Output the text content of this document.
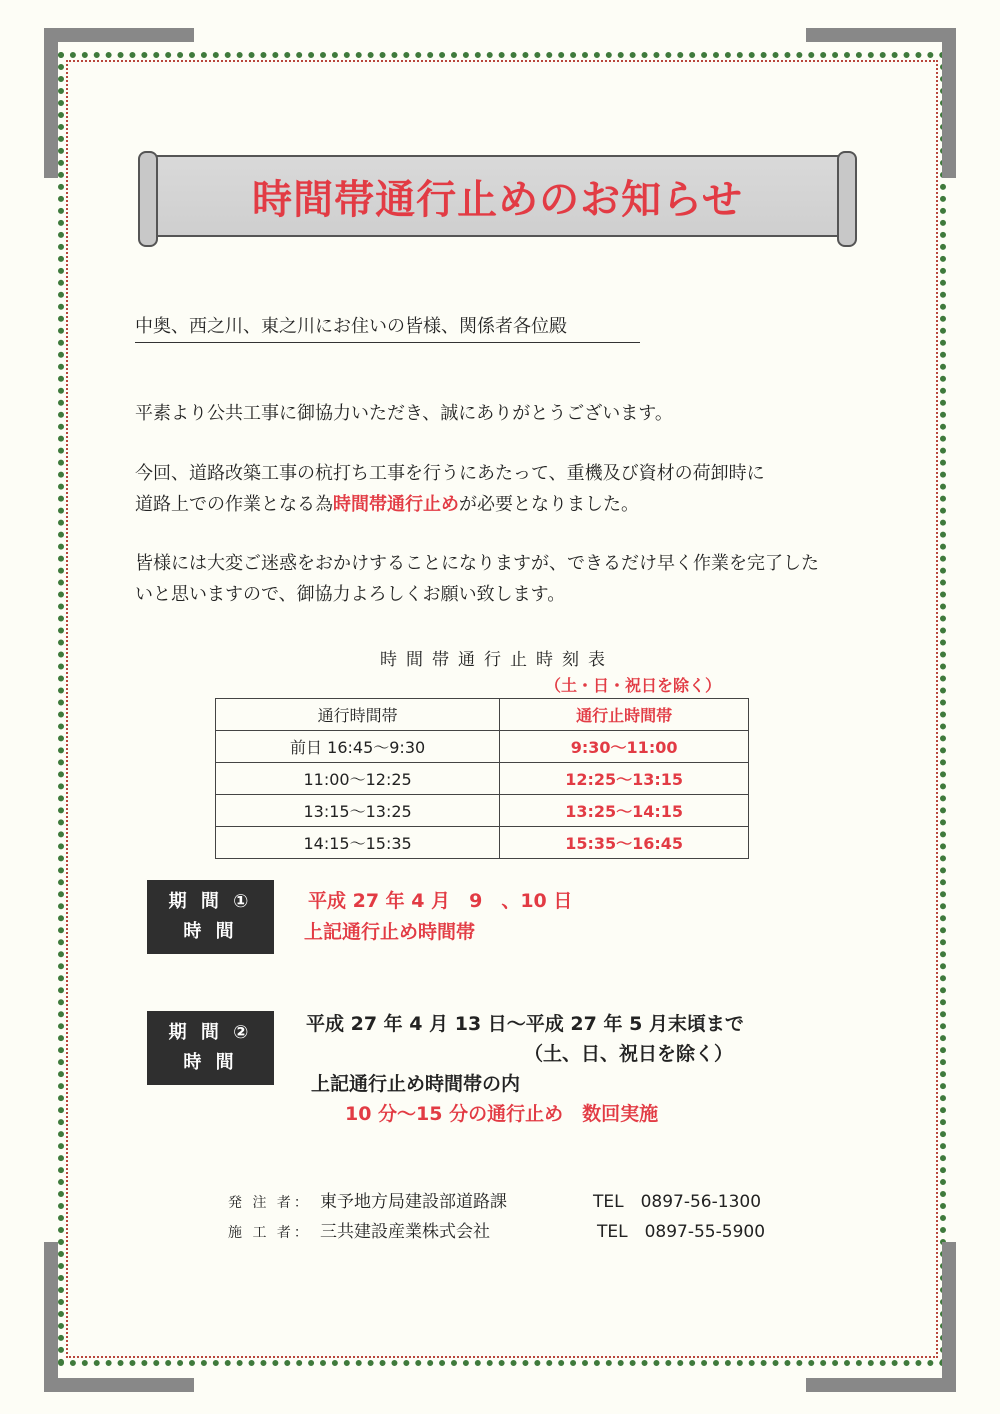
時間帯通行止めのお知らせ
中奥、西之川、東之川にお住いの皆様、関係者各位殿
平素より公共工事に御協力いただき、誠にありがとうございます。
今回、道路改築工事の杭打ち工事を行うにあたって、重機及び資材の荷卸時に
道路上での作業となる為時間帯通行止めが必要となりました。
皆様には大変ご迷惑をおかけすることになりますが、できるだけ早く作業を完了した
いと思いますので、御協力よろしくお願い致します。
時間帯通行止時刻表
（土・日・祝日を除く）
通行時間帯	通行止時間帯
前日 16:45～9:30	9:30～11:00
11:00～12:25	12:25～13:15
13:15～13:25	13:25～14:15
14:15～15:35	15:35～16:45
期 間 ①
時 間
平成 27 年 4 月　9　、10 日
上記通行止め時間帯
期 間 ②
時 間
平成 27 年 4 月 13 日～平成 27 年 5 月末頃まで
（土、日、祝日を除く）
上記通行止め時間帯の内
10 分～15 分の通行止め　数回実施
発 注 者： 東予地方局建設部道路課	TEL　0897-56-1300
施 工 者： 三共建設産業株式会社	TEL　0897-55-5900
